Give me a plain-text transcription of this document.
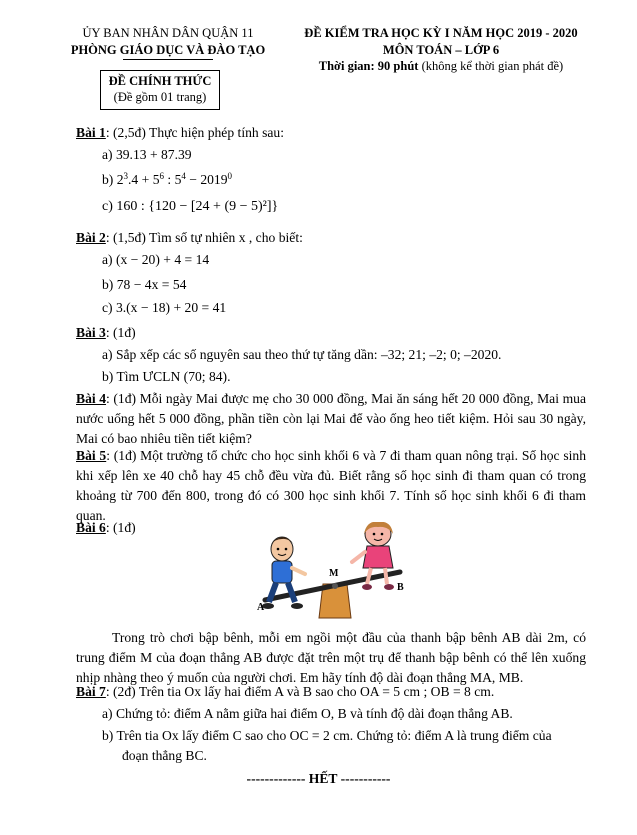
ỦY BAN NHÂN DÂN QUẬN 11
PHÒNG GIÁO DỤC VÀ ĐÀO TẠO
ĐỀ KIỂM TRA HỌC KỲ I NĂM HỌC 2019 - 2020
MÔN TOÁN – LỚP 6
Thời gian: 90 phút (không kể thời gian phát đề)
ĐỀ CHÍNH THỨC
(Đề gồm 01 trang)
Bài 1: (2,5đ) Thực hiện phép tính sau:
a) 39.13 + 87.39
b) $2^3.4 + 5^6$ : $5^4 - 2019^0$
c) 160 : {120 − [24 + (9 − 5)²]}
Bài 2: (1,5đ) Tìm số tự nhiên x , cho biết:
a) (x − 20) + 4 = 14
b) 78 − 4x = 54
c) 3.(x − 18) + 20 = 41
Bài 3: (1đ)
a) Sắp xếp các số nguyên sau theo thứ tự tăng dần: –32; 21; –2; 0; –2020.
b) Tìm ƯCLN (70; 84).
Bài 4: (1đ) Mỗi ngày Mai được mẹ cho 30 000 đồng, Mai ăn sáng hết 20 000 đồng, Mai mua nước uống hết 5 000 đồng, phần tiền còn lại Mai để vào ống heo tiết kiệm. Hỏi sau 30 ngày, Mai có bao nhiêu tiền tiết kiệm?
Bài 5: (1đ) Một trường tổ chức cho học sinh khối 6 và 7 đi tham quan nông trại. Số học sinh khi xếp lên xe 40 chỗ hay 45 chỗ đều vừa đủ. Biết rằng số học sinh đi tham quan có trong khoảng từ 700 đến 800, trong đó có 300 học sinh khối 7. Tính số học sinh khối 6 đi tham quan.
Bài 6: (1đ)
A
B
M
Trong trò chơi bập bênh, mỗi em ngồi một đầu của thanh bập bênh AB dài 2m, có trung điểm M của đoạn thẳng AB được đặt trên một trụ để thanh bập bênh có thể lên xuống nhịp nhàng theo ý muốn của người chơi. Em hãy tính độ dài đoạn thẳng MA, MB.
Bài 7: (2đ) Trên tia Ox lấy hai điểm A và B sao cho OA = 5 cm ; OB = 8 cm.
a) Chứng tỏ: điểm A nằm giữa hai điểm O, B và tính độ dài đoạn thẳng AB.
b) Trên tia Ox lấy điểm C sao cho OC = 2 cm. Chứng tỏ: điểm A là trung điểm của
đoạn thẳng BC.
------------- HẾT -----------
